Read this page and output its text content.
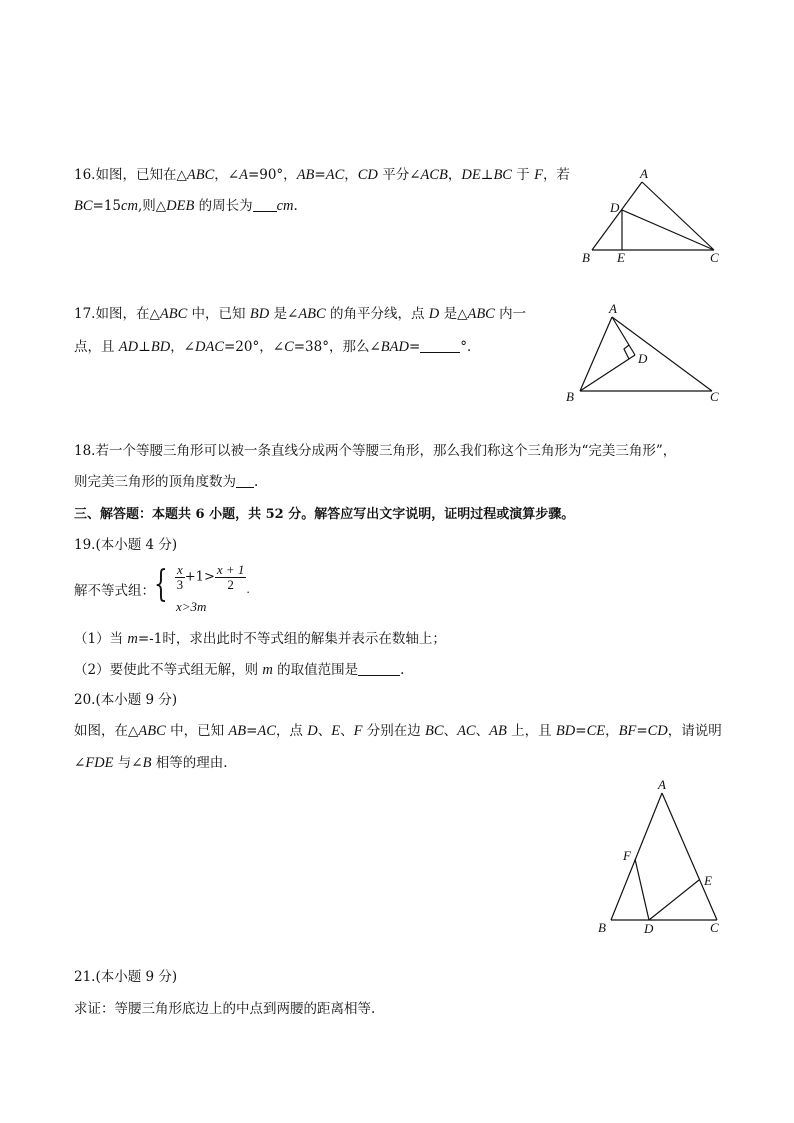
16.如图，已知在△ABC，∠A=90°，AB=AC，CD 平分∠ACB，DE⊥BC 于 F，若
BC=15cm,则△DEB 的周长为 cm.
A
D
B E	C
17.如图，在△ABC 中，已知 BD 是∠ABC 的角平分线，点 D 是△ABC 内一
点，且 AD⊥BD，∠DAC=20°，∠C=38°，那么∠BAD=	°．
A
D
B	C
18.若一个等腰三角形可以被一条直线分成两个等腰三角形，那么我们称这个三角形为“完美三角形”，
则完美三角形的顶角度数为 .
三、解答题：本题共 6 小题，共 52 分。解答应写出文字说明，证明过程或演算步骤。
19.(本小题 4 分)
解不等式组： { $\frac{x}{3} +1> \frac{x + 1}{2} _.$
x>3m
（1）当 m=-1时，求出此时不等式组的解集并表示在数轴上；
（2）要使此不等式组无解，则 m 的取值范围是	.
20.(本小题 9 分)
如图，在△ABC 中，已知 AB=AC，点 D、E、F 分别在边 BC、AC、AB 上，且 BD=CE，BF=CD，请说明
∠FDE 与∠B 相等的理由.
A
F
E
B	D	C
21.(本小题 9 分)
求证：等腰三角形底边上的中点到两腰的距离相等.
